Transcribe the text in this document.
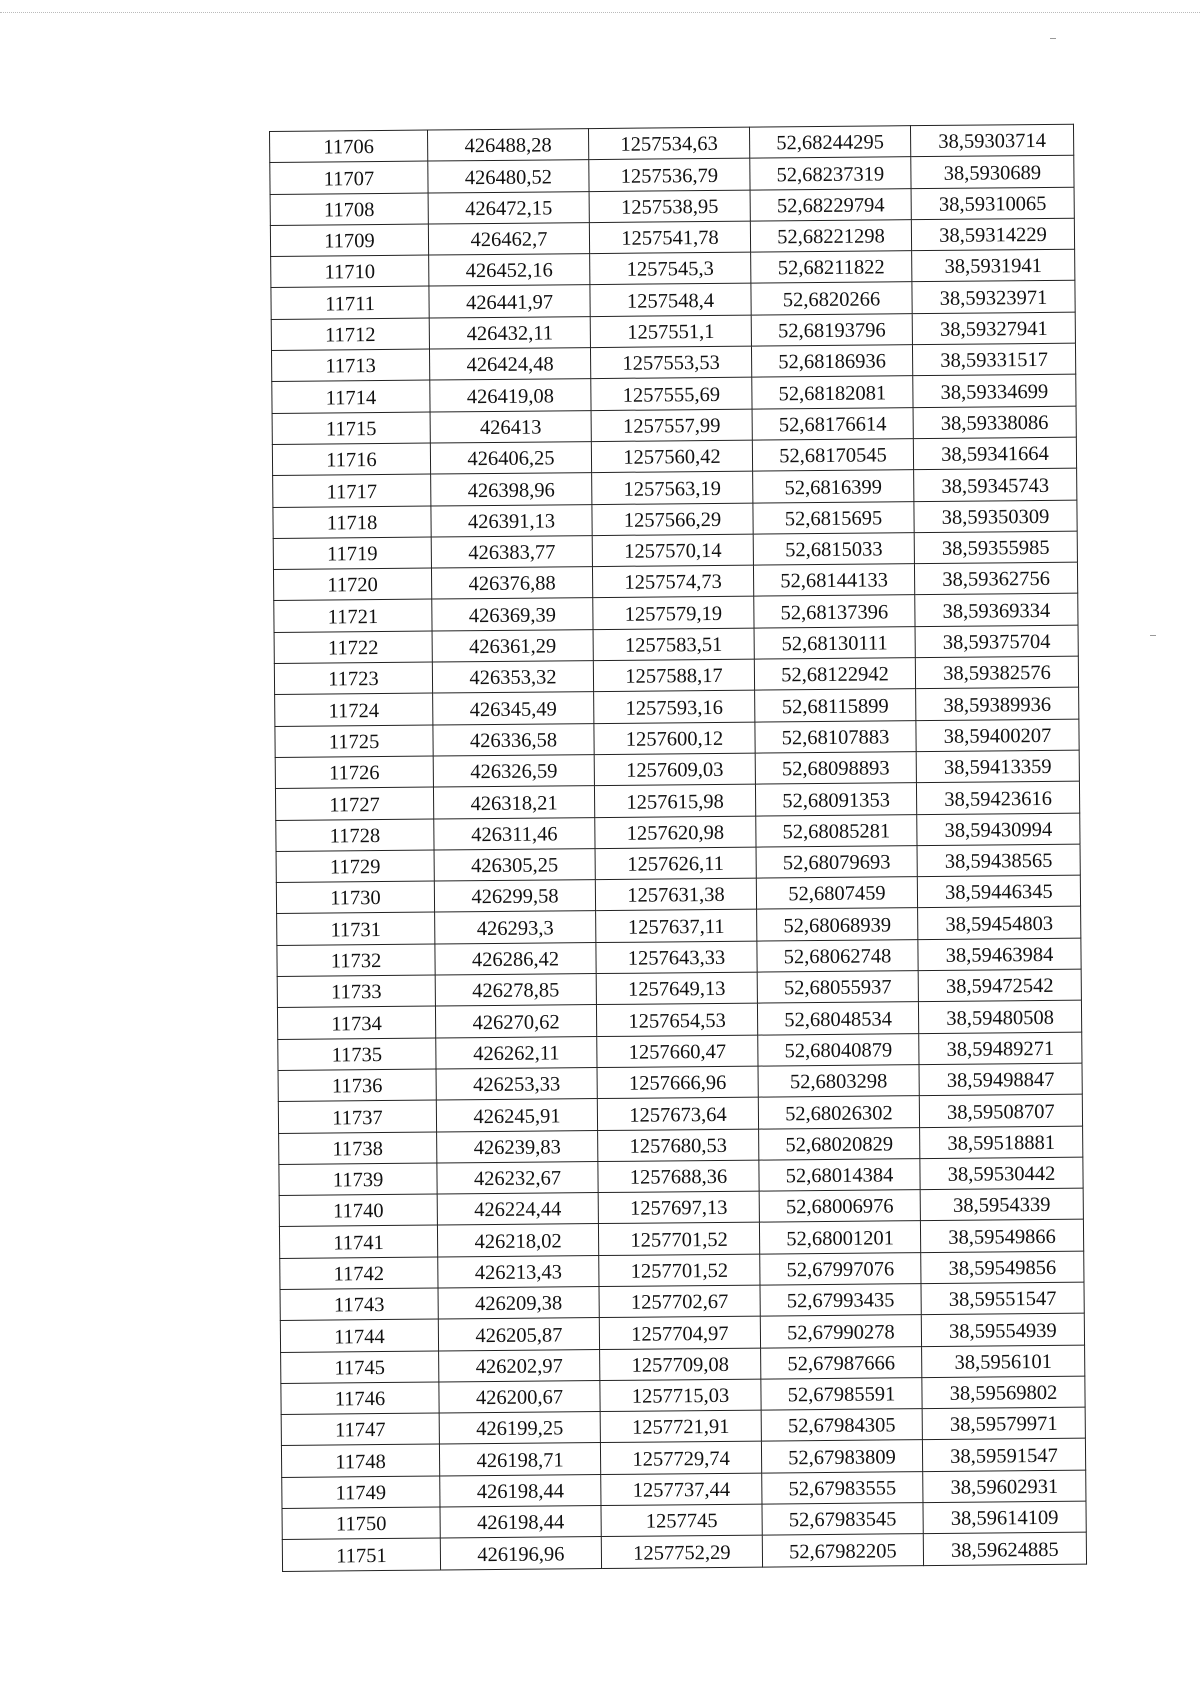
11706	426488,28	1257534,63	52,68244295	38,59303714
11707	426480,52	1257536,79	52,68237319	38,5930689
11708	426472,15	1257538,95	52,68229794	38,59310065
11709	426462,7	1257541,78	52,68221298	38,59314229
11710	426452,16	1257545,3	52,68211822	38,5931941
11711	426441,97	1257548,4	52,6820266	38,59323971
11712	426432,11	1257551,1	52,68193796	38,59327941
11713	426424,48	1257553,53	52,68186936	38,59331517
11714	426419,08	1257555,69	52,68182081	38,59334699
11715	426413	1257557,99	52,68176614	38,59338086
11716	426406,25	1257560,42	52,68170545	38,59341664
11717	426398,96	1257563,19	52,6816399	38,59345743
11718	426391,13	1257566,29	52,6815695	38,59350309
11719	426383,77	1257570,14	52,6815033	38,59355985
11720	426376,88	1257574,73	52,68144133	38,59362756
11721	426369,39	1257579,19	52,68137396	38,59369334
11722	426361,29	1257583,51	52,68130111	38,59375704
11723	426353,32	1257588,17	52,68122942	38,59382576
11724	426345,49	1257593,16	52,68115899	38,59389936
11725	426336,58	1257600,12	52,68107883	38,59400207
11726	426326,59	1257609,03	52,68098893	38,59413359
11727	426318,21	1257615,98	52,68091353	38,59423616
11728	426311,46	1257620,98	52,68085281	38,59430994
11729	426305,25	1257626,11	52,68079693	38,59438565
11730	426299,58	1257631,38	52,6807459	38,59446345
11731	426293,3	1257637,11	52,68068939	38,59454803
11732	426286,42	1257643,33	52,68062748	38,59463984
11733	426278,85	1257649,13	52,68055937	38,59472542
11734	426270,62	1257654,53	52,68048534	38,59480508
11735	426262,11	1257660,47	52,68040879	38,59489271
11736	426253,33	1257666,96	52,6803298	38,59498847
11737	426245,91	1257673,64	52,68026302	38,59508707
11738	426239,83	1257680,53	52,68020829	38,59518881
11739	426232,67	1257688,36	52,68014384	38,59530442
11740	426224,44	1257697,13	52,68006976	38,5954339
11741	426218,02	1257701,52	52,68001201	38,59549866
11742	426213,43	1257701,52	52,67997076	38,59549856
11743	426209,38	1257702,67	52,67993435	38,59551547
11744	426205,87	1257704,97	52,67990278	38,59554939
11745	426202,97	1257709,08	52,67987666	38,5956101
11746	426200,67	1257715,03	52,67985591	38,59569802
11747	426199,25	1257721,91	52,67984305	38,59579971
11748	426198,71	1257729,74	52,67983809	38,59591547
11749	426198,44	1257737,44	52,67983555	38,59602931
11750	426198,44	1257745	52,67983545	38,59614109
11751	426196,96	1257752,29	52,67982205	38,59624885
